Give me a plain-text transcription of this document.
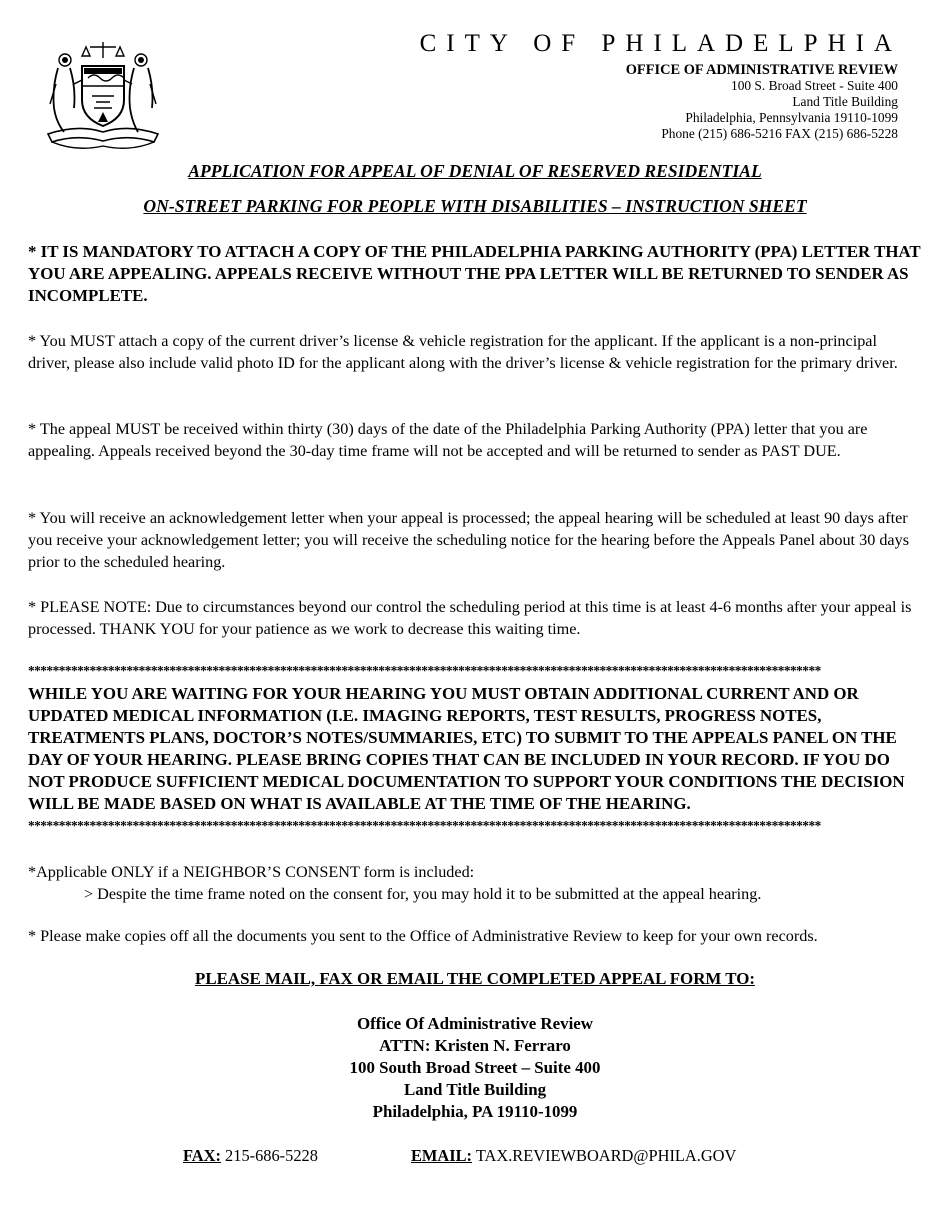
CITY OF PHILADELPHIA
OFFICE OF ADMINISTRATIVE REVIEW
100 S. Broad Street - Suite 400
Land Title Building
Philadelphia, Pennsylvania 19110-1099
Phone (215) 686-5216 FAX (215) 686-5228
APPLICATION FOR APPEAL OF DENIAL OF RESERVED RESIDENTIAL
ON-STREET PARKING FOR PEOPLE WITH DISABILITIES – INSTRUCTION SHEET
* IT IS MANDATORY TO ATTACH A COPY OF THE PHILADELPHIA PARKING AUTHORITY (PPA) LETTER THAT YOU ARE APPEALING. APPEALS RECEIVE WITHOUT THE PPA LETTER WILL BE RETURNED TO SENDER AS INCOMPLETE.
* You MUST attach a copy of the current driver’s license & vehicle registration for the applicant. If the applicant is a non-principal driver, please also include valid photo ID for the applicant along with the driver’s license & vehicle registration for the primary driver.
* The appeal MUST be received within thirty (30) days of the date of the Philadelphia Parking Authority (PPA) letter that you are appealing. Appeals received beyond the 30-day time frame will not be accepted and will be returned to sender as PAST DUE.
* You will receive an acknowledgement letter when your appeal is processed; the appeal hearing will be scheduled at least 90 days after you receive your acknowledgement letter; you will receive the scheduling notice for the hearing before the Appeals Panel about 30 days prior to the scheduled hearing.
* PLEASE NOTE: Due to circumstances beyond our control the scheduling period at this time is at least 4-6 months after your appeal is processed. THANK YOU for your patience as we work to decrease this waiting time.
*********************************************************************************************************************************
WHILE YOU ARE WAITING FOR YOUR HEARING YOU MUST OBTAIN ADDITIONAL CURRENT AND OR UPDATED MEDICAL INFORMATION (I.E. IMAGING REPORTS, TEST RESULTS, PROGRESS NOTES, TREATMENTS PLANS, DOCTOR’S NOTES/SUMMARIES, ETC) TO SUBMIT TO THE APPEALS PANEL ON THE DAY OF YOUR HEARING. PLEASE BRING COPIES THAT CAN BE INCLUDED IN YOUR RECORD. IF YOU DO NOT PRODUCE SUFFICIENT MEDICAL DOCUMENTATION TO SUPPORT YOUR CONDITIONS THE DECISION WILL BE MADE BASED ON WHAT IS AVAILABLE AT THE TIME OF THE HEARING.
*********************************************************************************************************************************
*Applicable ONLY if a NEIGHBOR’S CONSENT form is included:
> Despite the time frame noted on the consent for, you may hold it to be submitted at the appeal hearing.
* Please make copies off all the documents you sent to the Office of Administrative Review to keep for your own records.
PLEASE MAIL, FAX OR EMAIL THE COMPLETED APPEAL FORM TO:
Office Of Administrative Review
ATTN: Kristen N. Ferraro
100 South Broad Street – Suite 400
Land Title Building
Philadelphia, PA 19110-1099
FAX: 215-686-5228	EMAIL: TAX.REVIEWBOARD@PHILA.GOV
